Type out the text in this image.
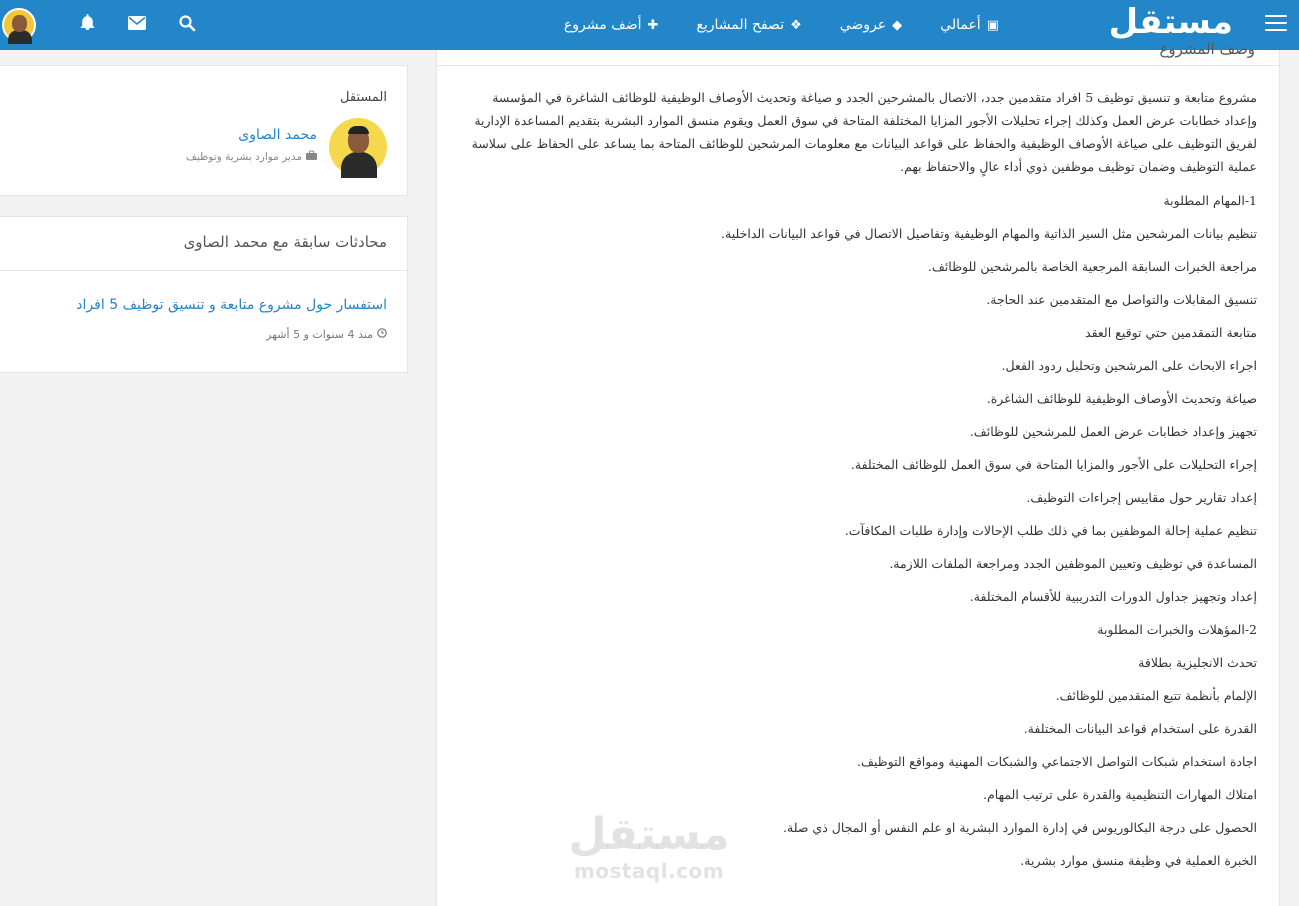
مستقل
✚
أضف مشروع	❖
تصفح المشاريع	◆
عروضي	▣
أعمالي
وصف المشروع

مشروع متابعة و تنسيق توظيف 5 افراد متقدمين جدد، الاتصال بالمشرحين الجدد و صياغة وتحديث الأوصاف الوظيفية للوظائف الشاغرة في المؤسسة وإعداد خطابات عرض العمل وكذلك إجراء تحليلات الأجور المزايا المختلفة المتاحة في سوق العمل ويقوم منسق الموارد البشرية بتقديم المساعدة الإدارية لفريق التوظيف على صياغة الأوصاف الوظيفية والحفاظ على قواعد البيانات مع معلومات المرشحين للوظائف المتاحة بما يساعد على الحفاظ على سلاسة عملية التوظيف وضمان توظيف موظفين ذوي أداء عالٍ والاحتفاظ بهم.

1-المهام المطلوبة

تنظيم بيانات المرشحين مثل السير الذاتية والمهام الوظيفية وتفاصيل الاتصال في قواعد البيانات الداخلية.

مراجعة الخبرات السابقة المرجعية الخاصة بالمرشحين للوظائف.

تنسيق المقابلات والتواصل مع المتقدمين عند الحاجة.

متابعة التمقدمين حتي توقيع العقد

اجراء الابحاث على المرشحين وتحليل ردود الفعل.

صياغة وتحديث الأوصاف الوظيفية للوظائف الشاغرة.

تجهيز وإعداد خطابات عرض العمل للمرشحين للوظائف.

إجراء التحليلات على الأجور والمزايا المتاحة في سوق العمل للوظائف المختلفة.

إعداد تقارير حول مقاييس إجراءات التوظيف.

تنظيم عملية إحالة الموظفين بما في ذلك طلب الإحالات وإدارة طلبات المكافآت.

المساعدة في توظيف وتعيين الموظفين الجدد ومراجعة الملفات اللازمة.

إعداد وتجهيز جداول الدورات التدريبية للأقسام المختلفة.

2-المؤهلات والخبرات المطلوبة

تحدث الانجليزية بطلاقة

الإلمام بأنظمة تتبع المتقدمين للوظائف.

القدرة على استخدام قواعد البيانات المختلفة.

اجادة استخدام شبكات التواصل الاجتماعي والشبكات المهنية ومواقع التوظيف.

امتلاك المهارات التنظيمية والقدرة على ترتيب المهام.

الحصول على درجة البكالوريوس في إدارة الموارد البشرية او علم النفس أو المجال ذي صلة.

الخبرة العملية في وظيفة منسق موارد بشرية.

المستقل
محمد الصاوى
مدير موارد بشرية وتوظيف
محادثات سابقة مع محمد الصاوى
استفسار حول مشروع متابعة و تنسيق توظيف 5 افراد
منذ 4 سنوات و 5 أشهر
مستقل
mostaql.com
